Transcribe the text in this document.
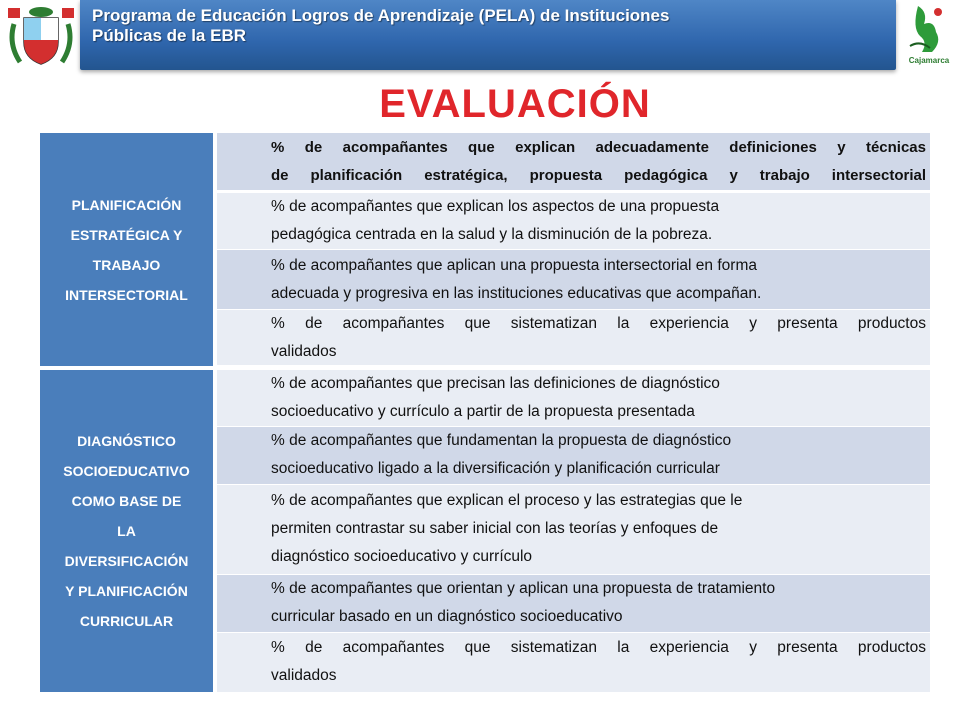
Programa de Educación Logros de Aprendizaje (PELA) de Instituciones
Públicas de la EBR
Cajamarca
EVALUACIÓN
PLANIFICACIÓN
ESTRATÉGICA Y
TRABAJO
INTERSECTORIAL

% de acompañantes que explican adecuadamente definiciones y técnicas

de planificación estratégica, propuesta pedagógica y trabajo intersectorial

% de acompañantes que explican los aspectos de una propuesta

pedagógica centrada en la salud y la disminución de la pobreza.

% de acompañantes que aplican una propuesta intersectorial en forma

adecuada y progresiva en las instituciones educativas que acompañan.

% de acompañantes que sistematizan la experiencia y presenta productos

validados

DIAGNÓSTICO
SOCIOEDUCATIVO
COMO BASE DE
LA
DIVERSIFICACIÓN
Y PLANIFICACIÓN
CURRICULAR

% de acompañantes que precisan las definiciones de diagnóstico

socioeducativo y currículo a partir de la propuesta presentada

% de acompañantes que fundamentan la propuesta de diagnóstico

socioeducativo ligado a la diversificación y planificación curricular

% de acompañantes que explican el proceso y las estrategias que le

permiten contrastar su saber inicial con las teorías y enfoques de

diagnóstico socioeducativo y currículo

% de acompañantes que orientan y aplican una propuesta de tratamiento

curricular basado en un diagnóstico socioeducativo

% de acompañantes que sistematizan la experiencia y presenta productos

validados
